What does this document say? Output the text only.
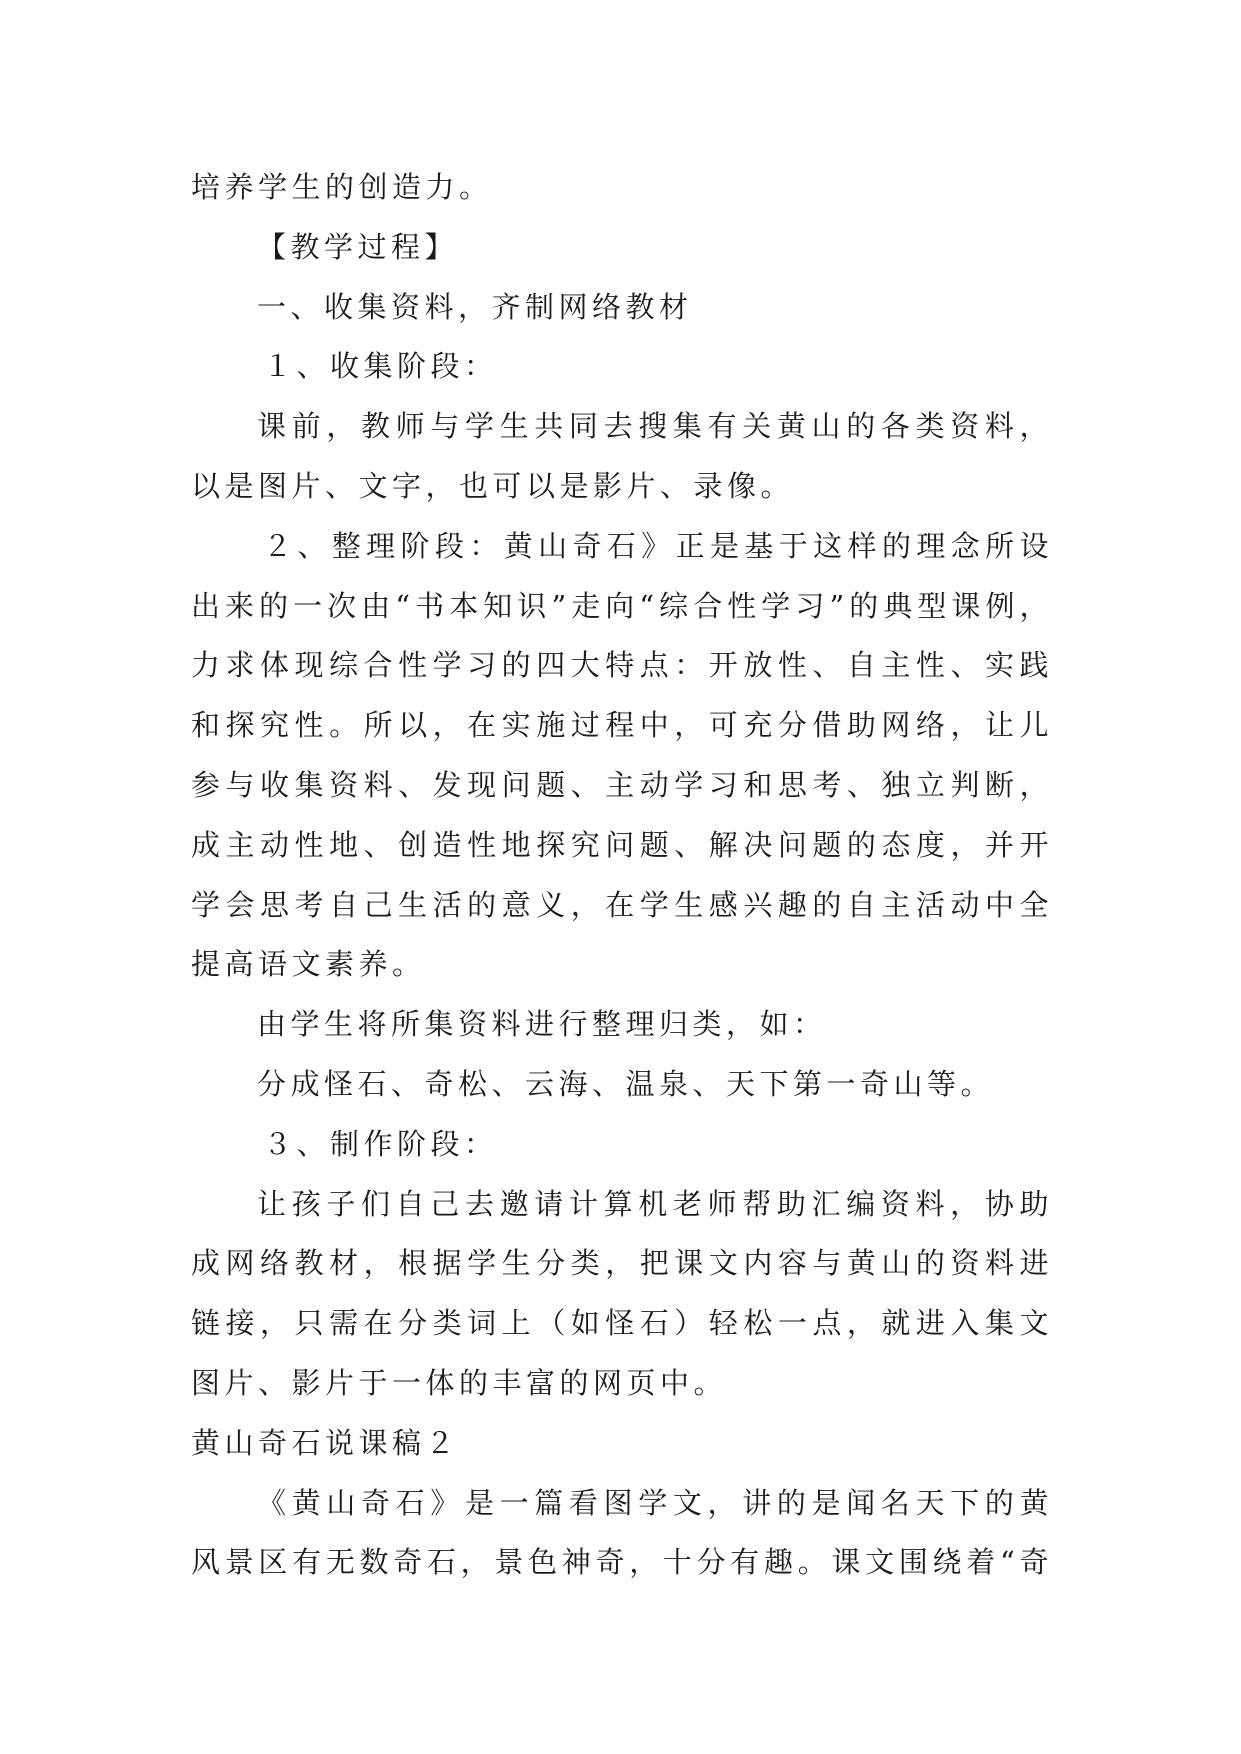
培养学生的创造力。
【教学过程】
一、收集资料，齐制网络教材
１、收集阶段：
课前，教师与学生共同去搜集有关黄山的各类资料，
以是图片、文字，也可以是影片、录像。
２、整理阶段：黄山奇石》正是基于这样的理念所设
出来的一次由“书本知识”走向“综合性学习”的典型课例，
力求体现综合性学习的四大特点：开放性、自主性、实践
和探究性。所以，在实施过程中，可充分借助网络，让儿
参与收集资料、发现问题、主动学习和思考、独立判断，
成主动性地、创造性地探究问题、解决问题的态度，并开
学会思考自己生活的意义，在学生感兴趣的自主活动中全
提高语文素养。
由学生将所集资料进行整理归类，如：
分成怪石、奇松、云海、温泉、天下第一奇山等。
３、制作阶段：
让孩子们自己去邀请计算机老师帮助汇编资料，协助
成网络教材，根据学生分类，把课文内容与黄山的资料进
链接，只需在分类词上（如怪石）轻松一点，就进入集文
图片、影片于一体的丰富的网页中。
黄山奇石说课稿２
《黄山奇石》是一篇看图学文，讲的是闻名天下的黄
风景区有无数奇石，景色神奇，十分有趣。课文围绕着“奇
